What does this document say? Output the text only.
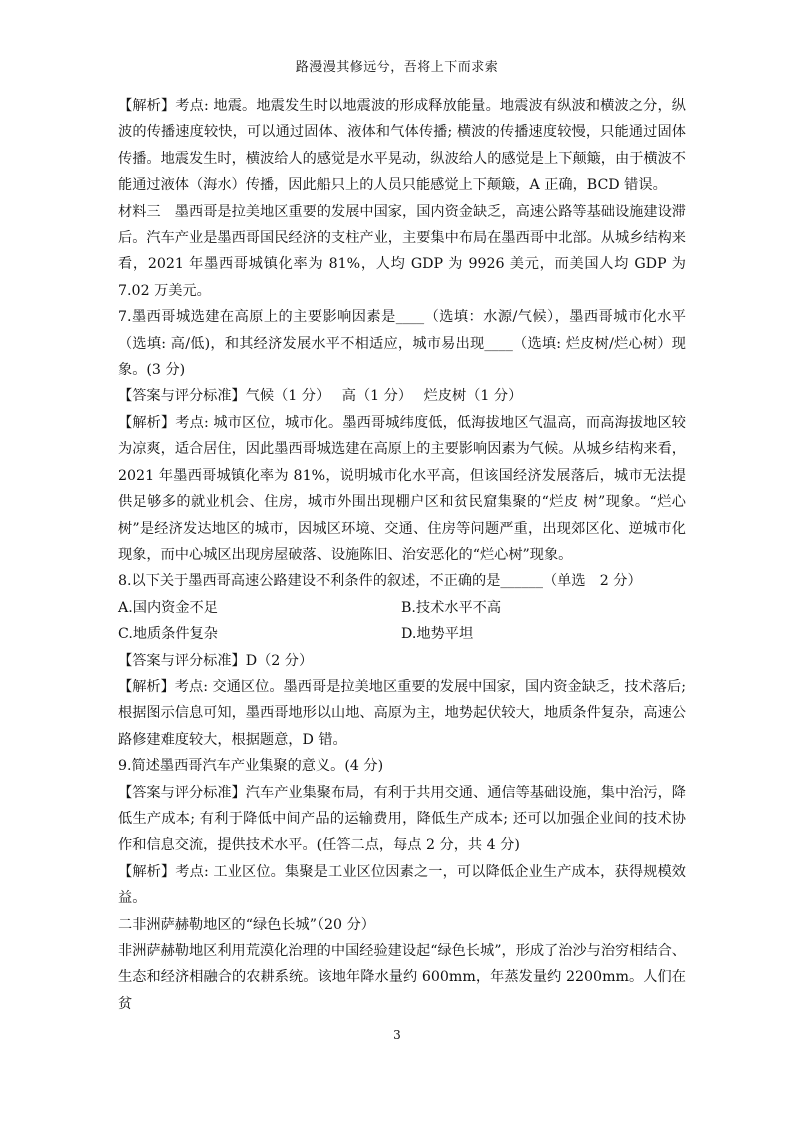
路漫漫其修远兮，吾将上下而求索

【解析】考点: 地震。地震发生时以地震波的形成释放能量。地震波有纵波和横波之分，纵波的传播速度较快，可以通过固体、液体和气体传播; 横波的传播速度较慢，只能通过固体传播。地震发生时，横波给人的感觉是水平晃动，纵波给人的感觉是上下颠簸，由于横波不能通过液体（海水）传播，因此船只上的人员只能感觉上下颠簸，A 正确，BCD 错误。

材料三　墨西哥是拉美地区重要的发展中国家，国内资金缺乏，高速公路等基础设施建设滞后。汽车产业是墨西哥国民经济的支柱产业，主要集中布局在墨西哥中北部。从城乡结构来看，2021 年墨西哥城镇化率为 81%，人均 GDP 为 9926 美元，而美国人均 GDP 为 7.02 万美元。

7.墨西哥城选建在高原上的主要影响因素是____（选填：水源/气候），墨西哥城市化水平（选填: 高/低)，和其经济发展水平不相适应，城市易出现____（选填: 烂皮树/烂心树）现象。(3 分)

【答案与评分标准】气候（1 分）　 高（1 分）　 烂皮树（1 分）

【解析】考点: 城市区位，城市化。墨西哥城纬度低，低海拔地区气温高，而高海拔地区较为凉爽，适合居住，因此墨西哥城选建在高原上的主要影响因素为气候。从城乡结构来看，2021 年墨西哥城镇化率为 81%，说明城市化水平高，但该国经济发展落后，城市无法提供足够多的就业机会、住房，城市外围出现棚户区和贫民窟集聚的“烂皮 树”现象。“烂心树”是经济发达地区的城市，因城区环境、交通、住房等问题严重，出现郊区化、逆城市化现象，而中心城区出现房屋破落、设施陈旧、治安恶化的“烂心树”现象。

8.以下关于墨西哥高速公路建设不利条件的叙述，不正确的是______（单选　2 分）

A.国内资金不足	B.技术水平不高
C.地质条件复杂	D.地势平坦

【答案与评分标准】D（2 分）

【解析】考点: 交通区位。墨西哥是拉美地区重要的发展中国家，国内资金缺乏，技术落后; 根据图示信息可知，墨西哥地形以山地、高原为主，地势起伏较大，地质条件复杂，高速公路修建难度较大，根据题意，D 错。

9.简述墨西哥汽车产业集聚的意义。(4 分)

【答案与评分标准】汽车产业集聚布局，有利于共用交通、通信等基础设施，集中治污，降低生产成本; 有利于降低中间产品的运输费用，降低生产成本; 还可以加强企业间的技术协作和信息交流，提供技术水平。(任答二点，每点 2 分，共 4 分)

【解析】考点: 工业区位。集聚是工业区位因素之一，可以降低企业生产成本，获得规模效益。

二非洲萨赫勒地区的“绿色长城”（20 分）

非洲萨赫勒地区利用荒漠化治理的中国经验建设起“绿色长城”，形成了治沙与治穷相结合、生态和经济相融合的农耕系统。该地年降水量约 600mm，年蒸发量约 2200mm。人们在贫

3
